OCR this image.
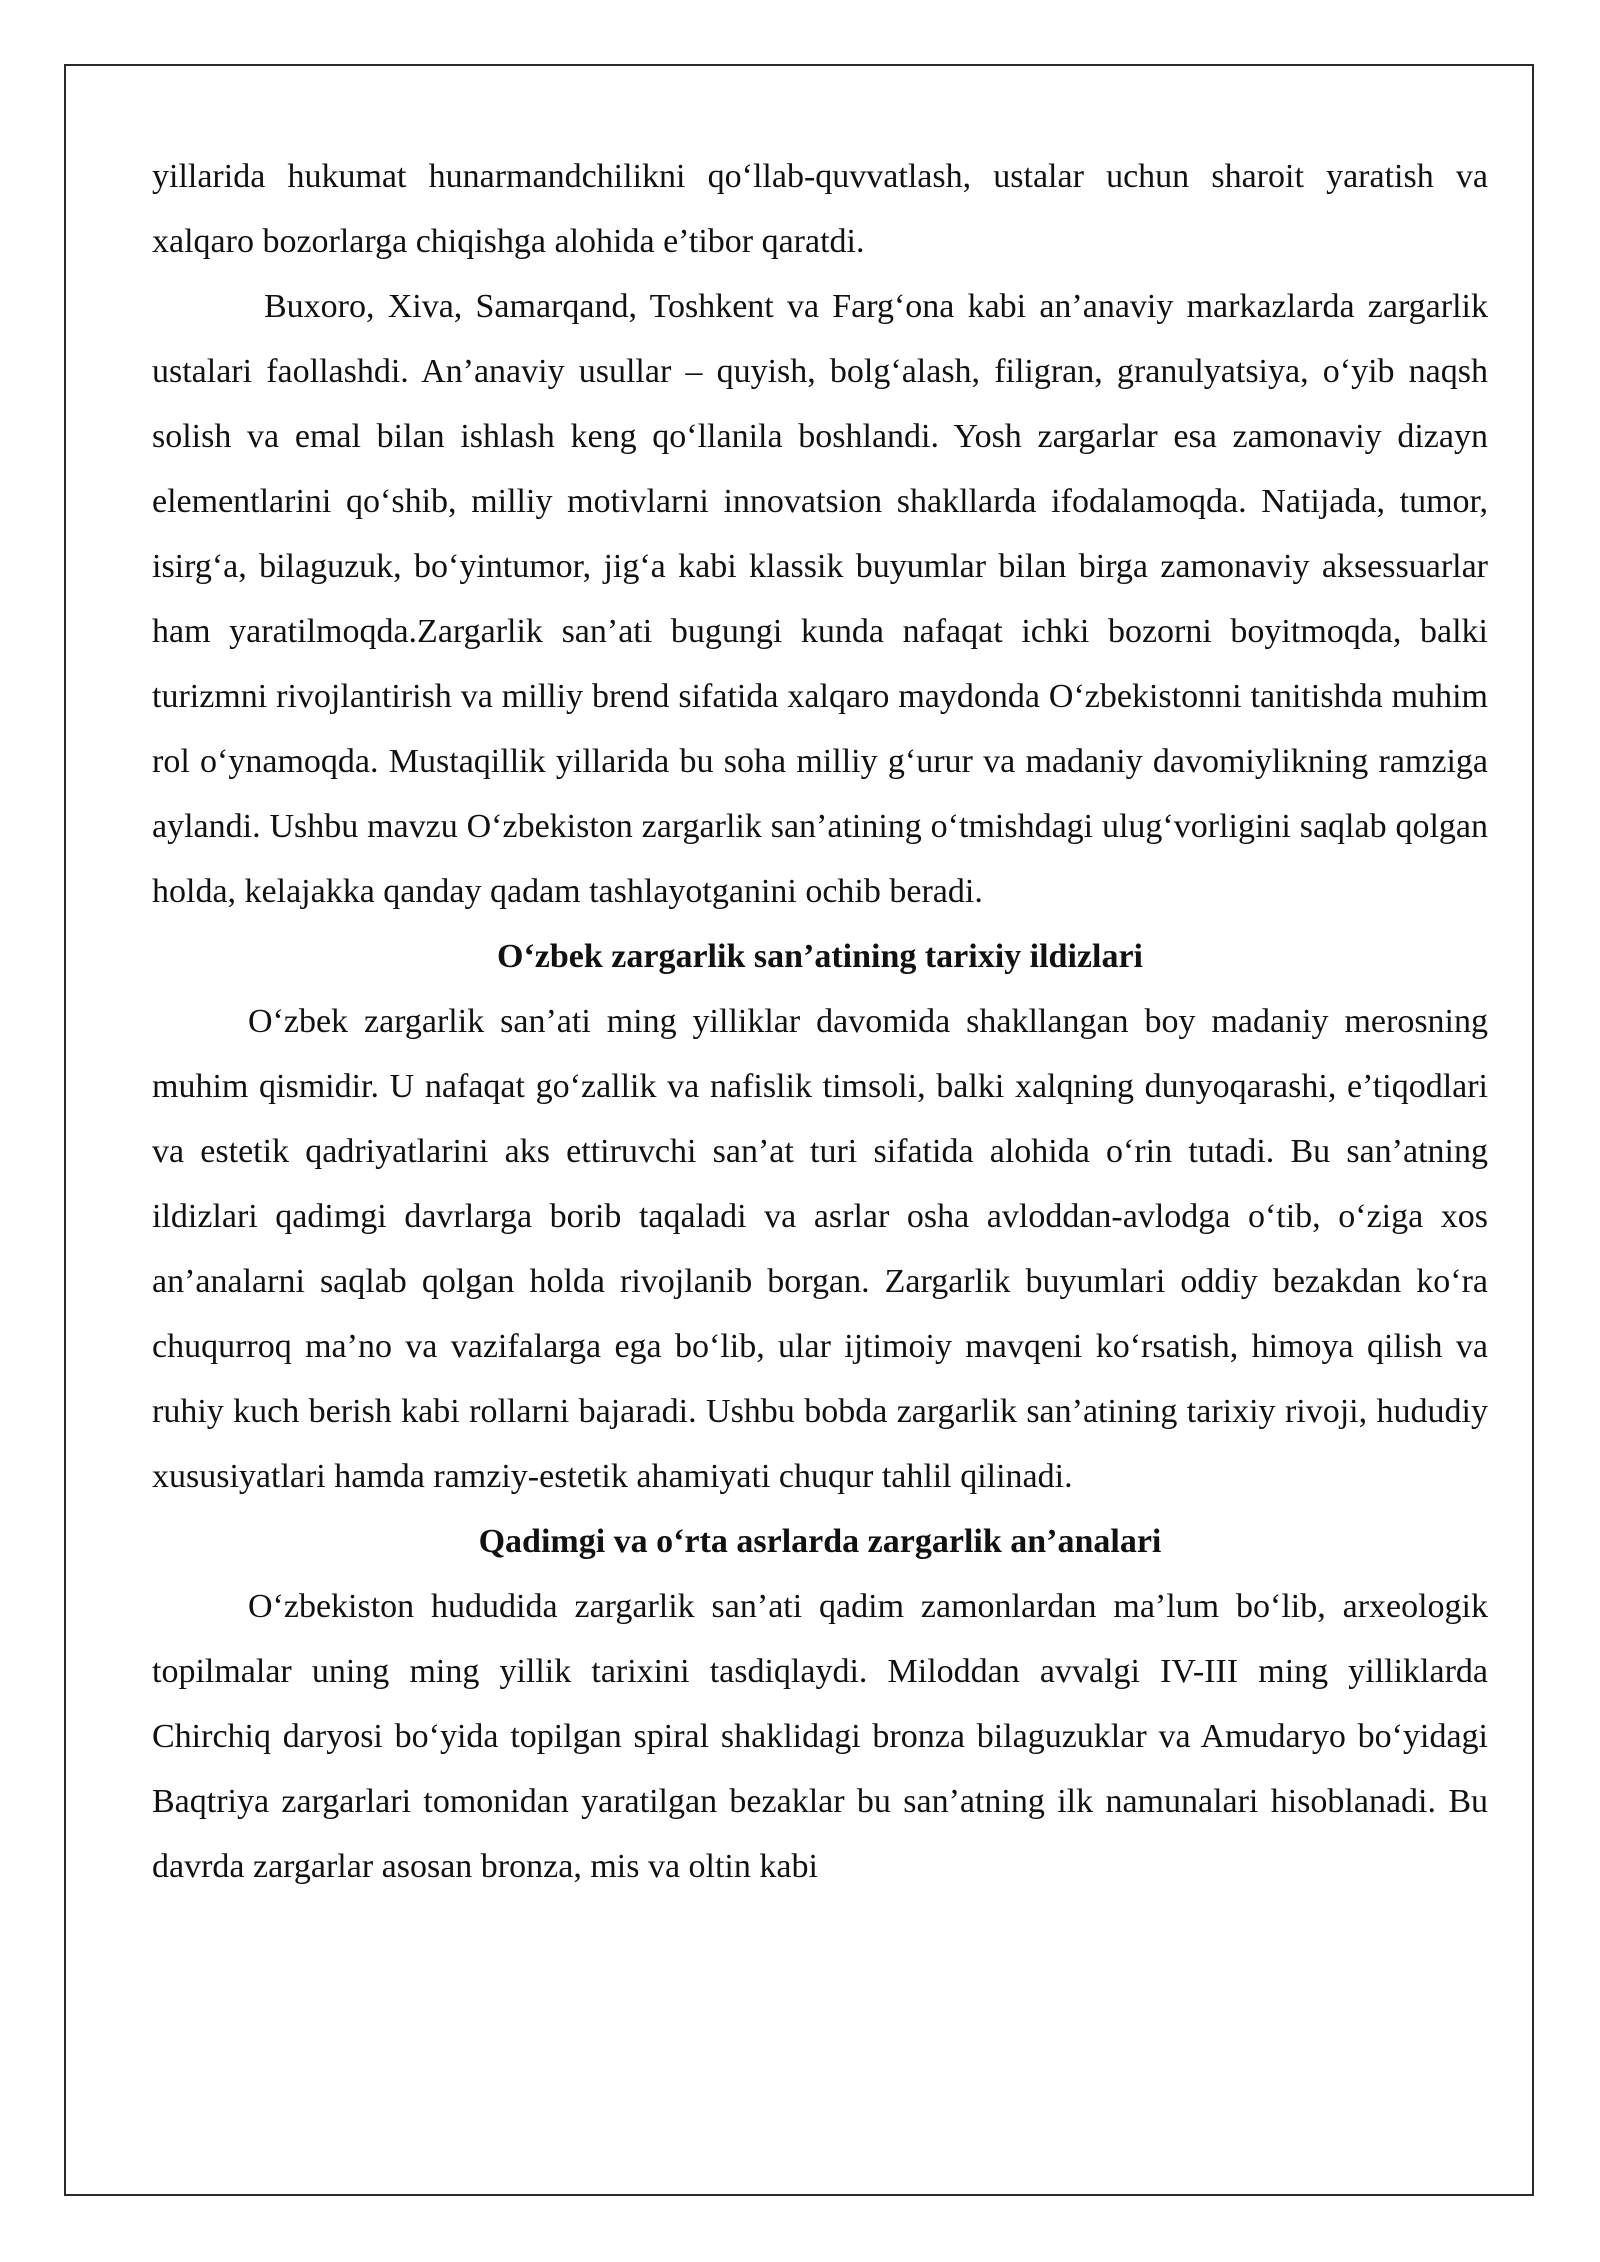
yillarida hukumat hunarmandchilikni qo‘llab-quvvatlash, ustalar uchun sharoit yaratish va xalqaro bozorlarga chiqishga alohida e’tibor qaratdi.

Buxoro, Xiva, Samarqand, Toshkent va Farg‘ona kabi an’anaviy markazlarda zargarlik ustalari faollashdi. An’anaviy usullar – quyish, bolg‘alash, filigran, granulyatsiya, o‘yib naqsh solish va emal bilan ishlash keng qo‘llanila boshlandi. Yosh zargarlar esa zamonaviy dizayn elementlarini qo‘shib, milliy motivlarni innovatsion shakllarda ifodalamoqda. Natijada, tumor, isirg‘a, bilaguzuk, bo‘yintumor, jig‘a kabi klassik buyumlar bilan birga zamonaviy aksessuarlar ham yaratilmoqda.Zargarlik san’ati bugungi kunda nafaqat ichki bozorni boyitmoqda, balki turizmni rivojlantirish va milliy brend sifatida xalqaro maydonda O‘zbekistonni tanitishda muhim rol o‘ynamoqda. Mustaqillik yillarida bu soha milliy g‘urur va madaniy davomiylikning ramziga aylandi. Ushbu mavzu O‘zbekiston zargarlik san’atining o‘tmishdagi ulug‘vorligini saqlab qolgan holda, kelajakka qanday qadam tashlayotganini ochib beradi.

O‘zbek zargarlik san’atining tarixiy ildizlari

O‘zbek zargarlik san’ati ming yilliklar davomida shakllangan boy madaniy merosning muhim qismidir. U nafaqat go‘zallik va nafislik timsoli, balki xalqning dunyoqarashi, e’tiqodlari va estetik qadriyatlarini aks ettiruvchi san’at turi sifatida alohida o‘rin tutadi. Bu san’atning ildizlari qadimgi davrlarga borib taqaladi va asrlar osha avloddan-avlodga o‘tib, o‘ziga xos an’analarni saqlab qolgan holda rivojlanib borgan. Zargarlik buyumlari oddiy bezakdan ko‘ra chuqurroq ma’no va vazifalarga ega bo‘lib, ular ijtimoiy mavqeni ko‘rsatish, himoya qilish va ruhiy kuch berish kabi rollarni bajaradi. Ushbu bobda zargarlik san’atining tarixiy rivoji, hududiy xususiyatlari hamda ramziy-estetik ahamiyati chuqur tahlil qilinadi.

Qadimgi va o‘rta asrlarda zargarlik an’analari

O‘zbekiston hududida zargarlik san’ati qadim zamonlardan ma’lum bo‘lib, arxeologik topilmalar uning ming yillik tarixini tasdiqlaydi. Miloddan avvalgi IV-III ming yilliklarda Chirchiq daryosi bo‘yida topilgan spiral shaklidagi bronza bilaguzuklar va Amudaryo bo‘yidagi Baqtriya zargarlari tomonidan yaratilgan bezaklar bu san’atning ilk namunalari hisoblanadi. Bu davrda zargarlar asosan bronza, mis va oltin kabi
